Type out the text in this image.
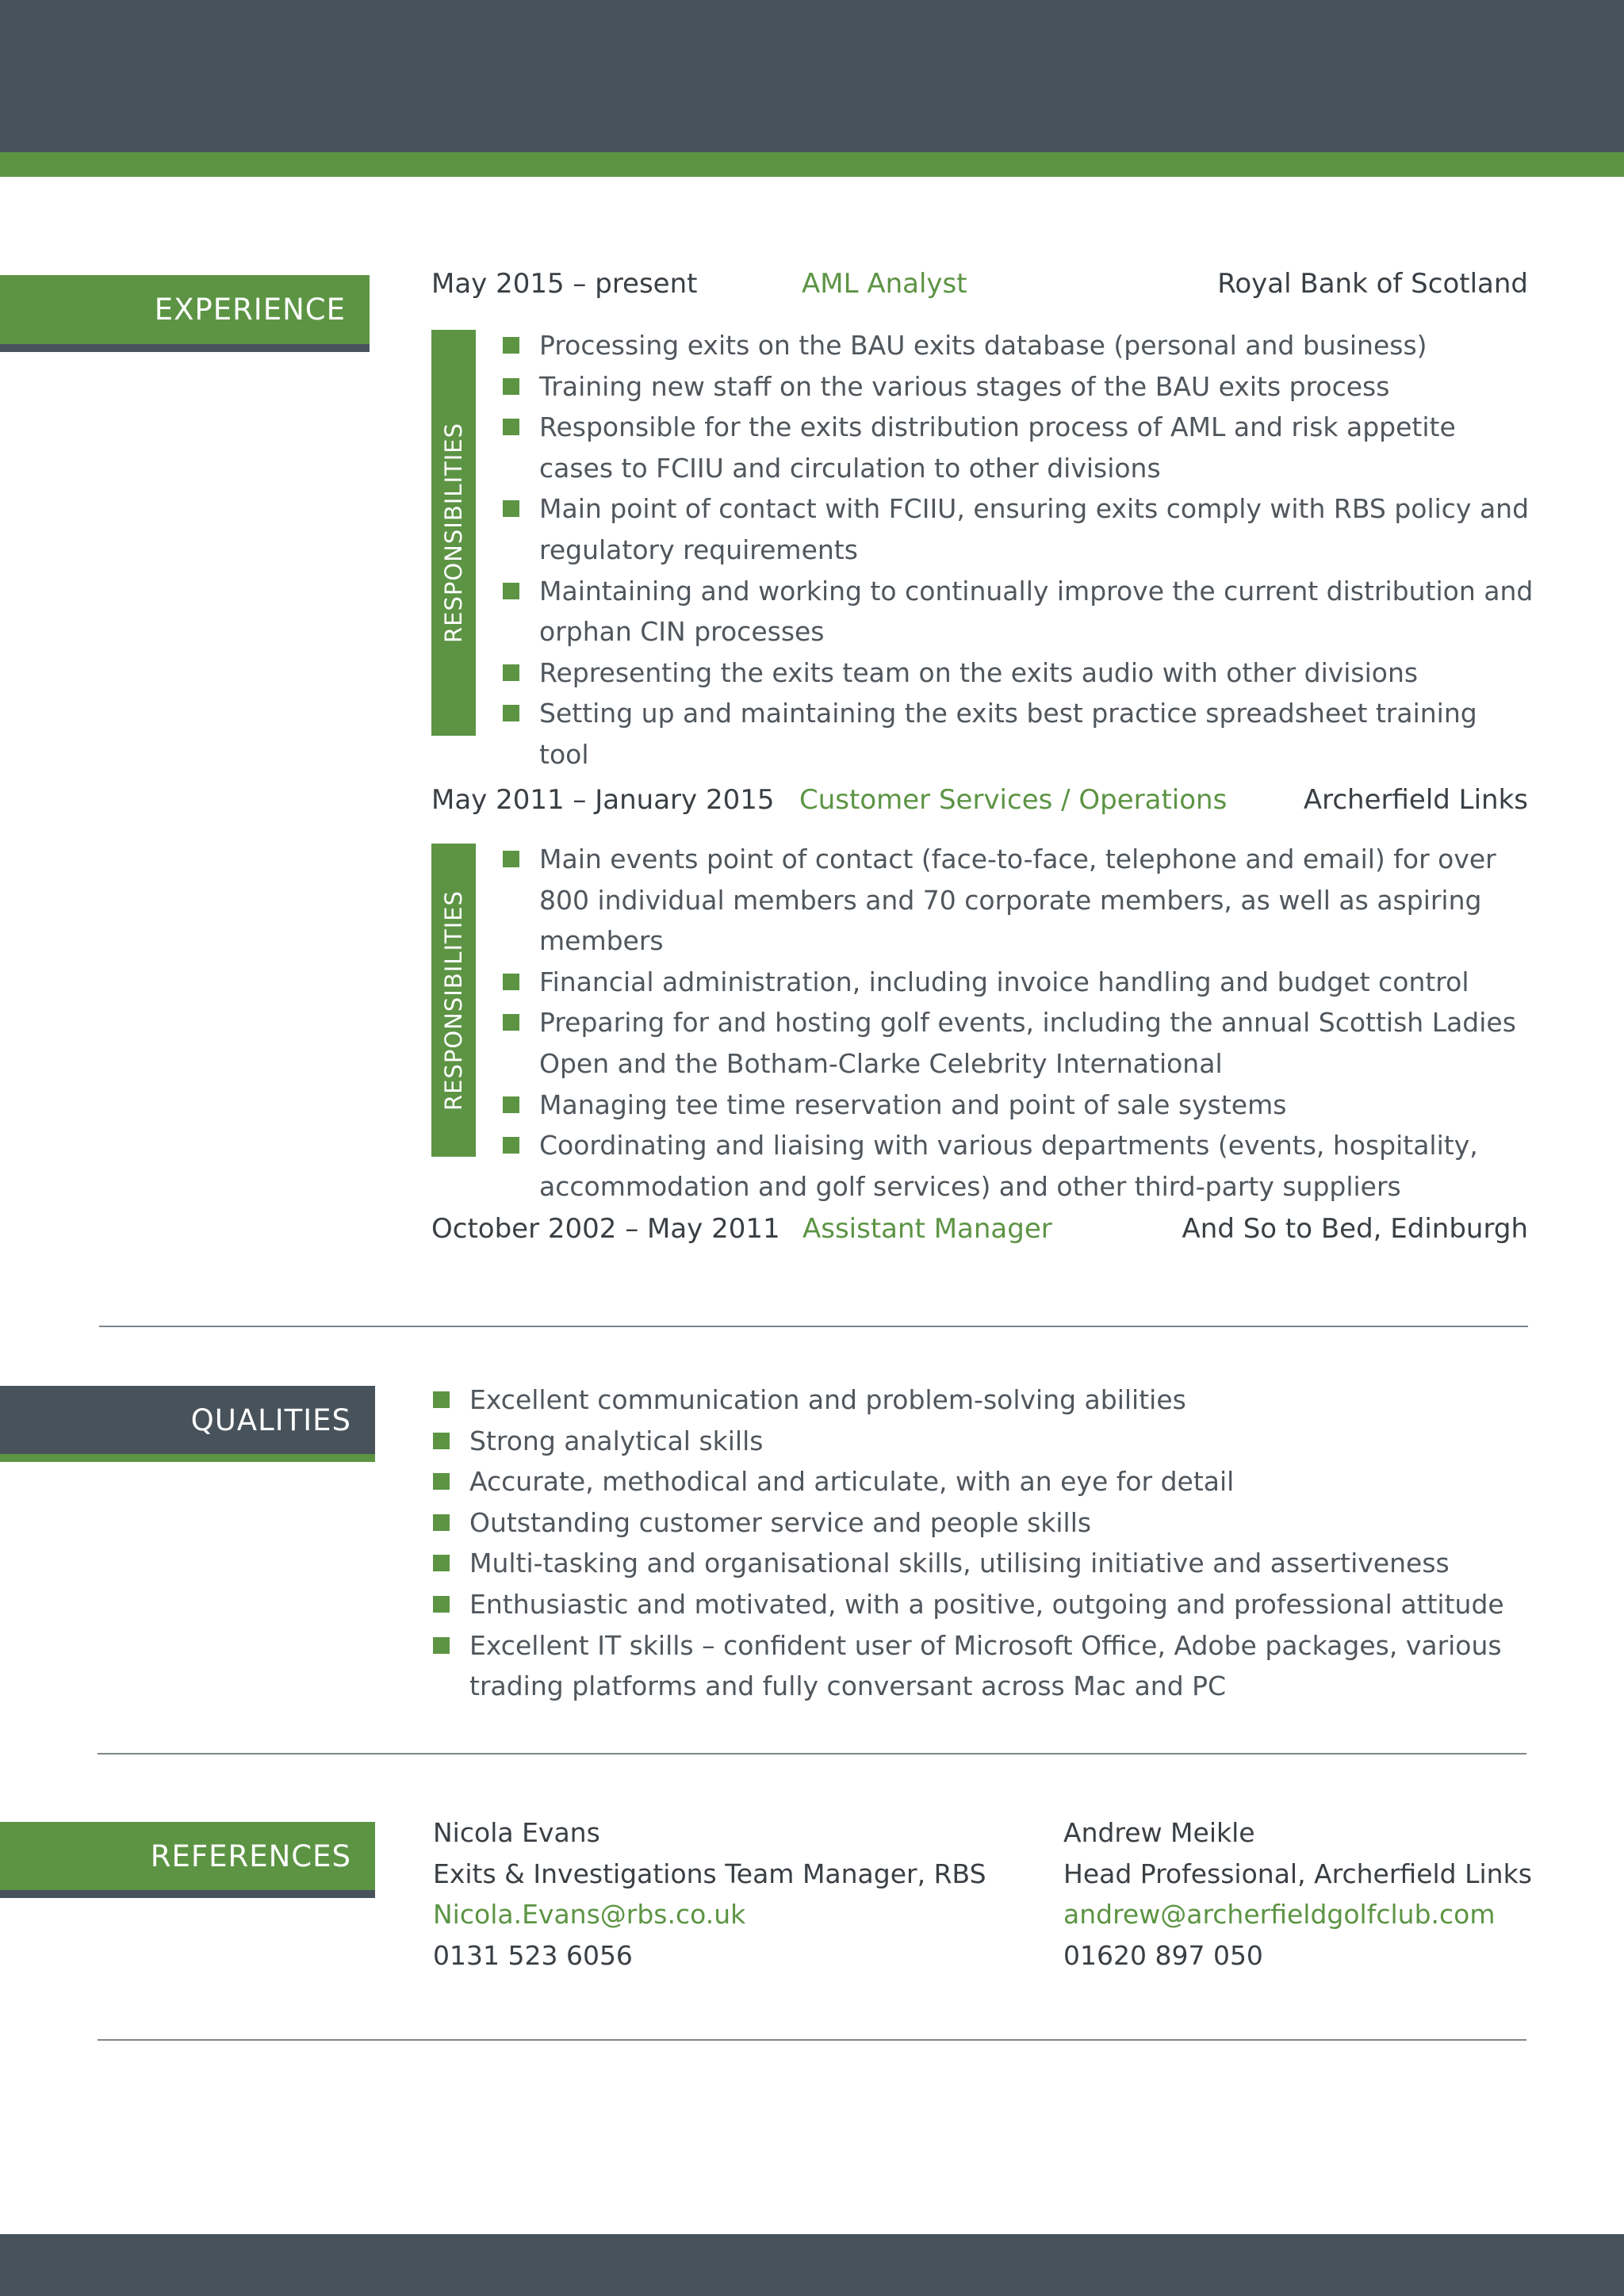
EXPERIENCE
May 2015 – present	AML Analyst	Royal Bank of Scotland
RESPONSIBILITIES
Processing exits on the BAU exits database (personal and business)
Training new staff on the various stages of the BAU exits process
Responsible for the exits distribution process of AML and risk appetite cases to FCIIU and circulation to other divisions
Main point of contact with FCIIU, ensuring exits comply with RBS policy and regulatory requirements
Maintaining and working to continually improve the current distribution and orphan CIN processes
Representing the exits team on the exits audio with other divisions
Setting up and maintaining the exits best practice spreadsheet training tool
May 2011 – January 2015 Customer Services / Operations	Archerfield Links
RESPONSIBILITIES
Main events point of contact (face-to-face, telephone and email) for over 800 individual members and 70 corporate members, as well as aspiring members
Financial administration, including invoice handling and budget control
Preparing for and hosting golf events, including the annual Scottish Ladies Open and the Botham-Clarke Celebrity International
Managing tee time reservation and point of sale systems
Coordinating and liaising with various departments (events, hospitality, accommodation and golf services) and other third-party suppliers
October 2002 – May 2011 Assistant Manager	And So to Bed, Edinburgh
QUALITIES
Excellent communication and problem-solving abilities
Strong analytical skills
Accurate, methodical and articulate, with an eye for detail
Outstanding customer service and people skills
Multi-tasking and organisational skills, utilising initiative and assertiveness
Enthusiastic and motivated, with a positive, outgoing and professional attitude
Excellent IT skills – confident user of Microsoft Office, Adobe packages, various trading platforms and fully conversant across Mac and PC
REFERENCES
Nicola Evans
Exits & Investigations Team Manager, RBS
Nicola.Evans@rbs.co.uk
0131 523 6056
Andrew Meikle
Head Professional, Archerfield Links
andrew@archerfieldgolfclub.com
01620 897 050
